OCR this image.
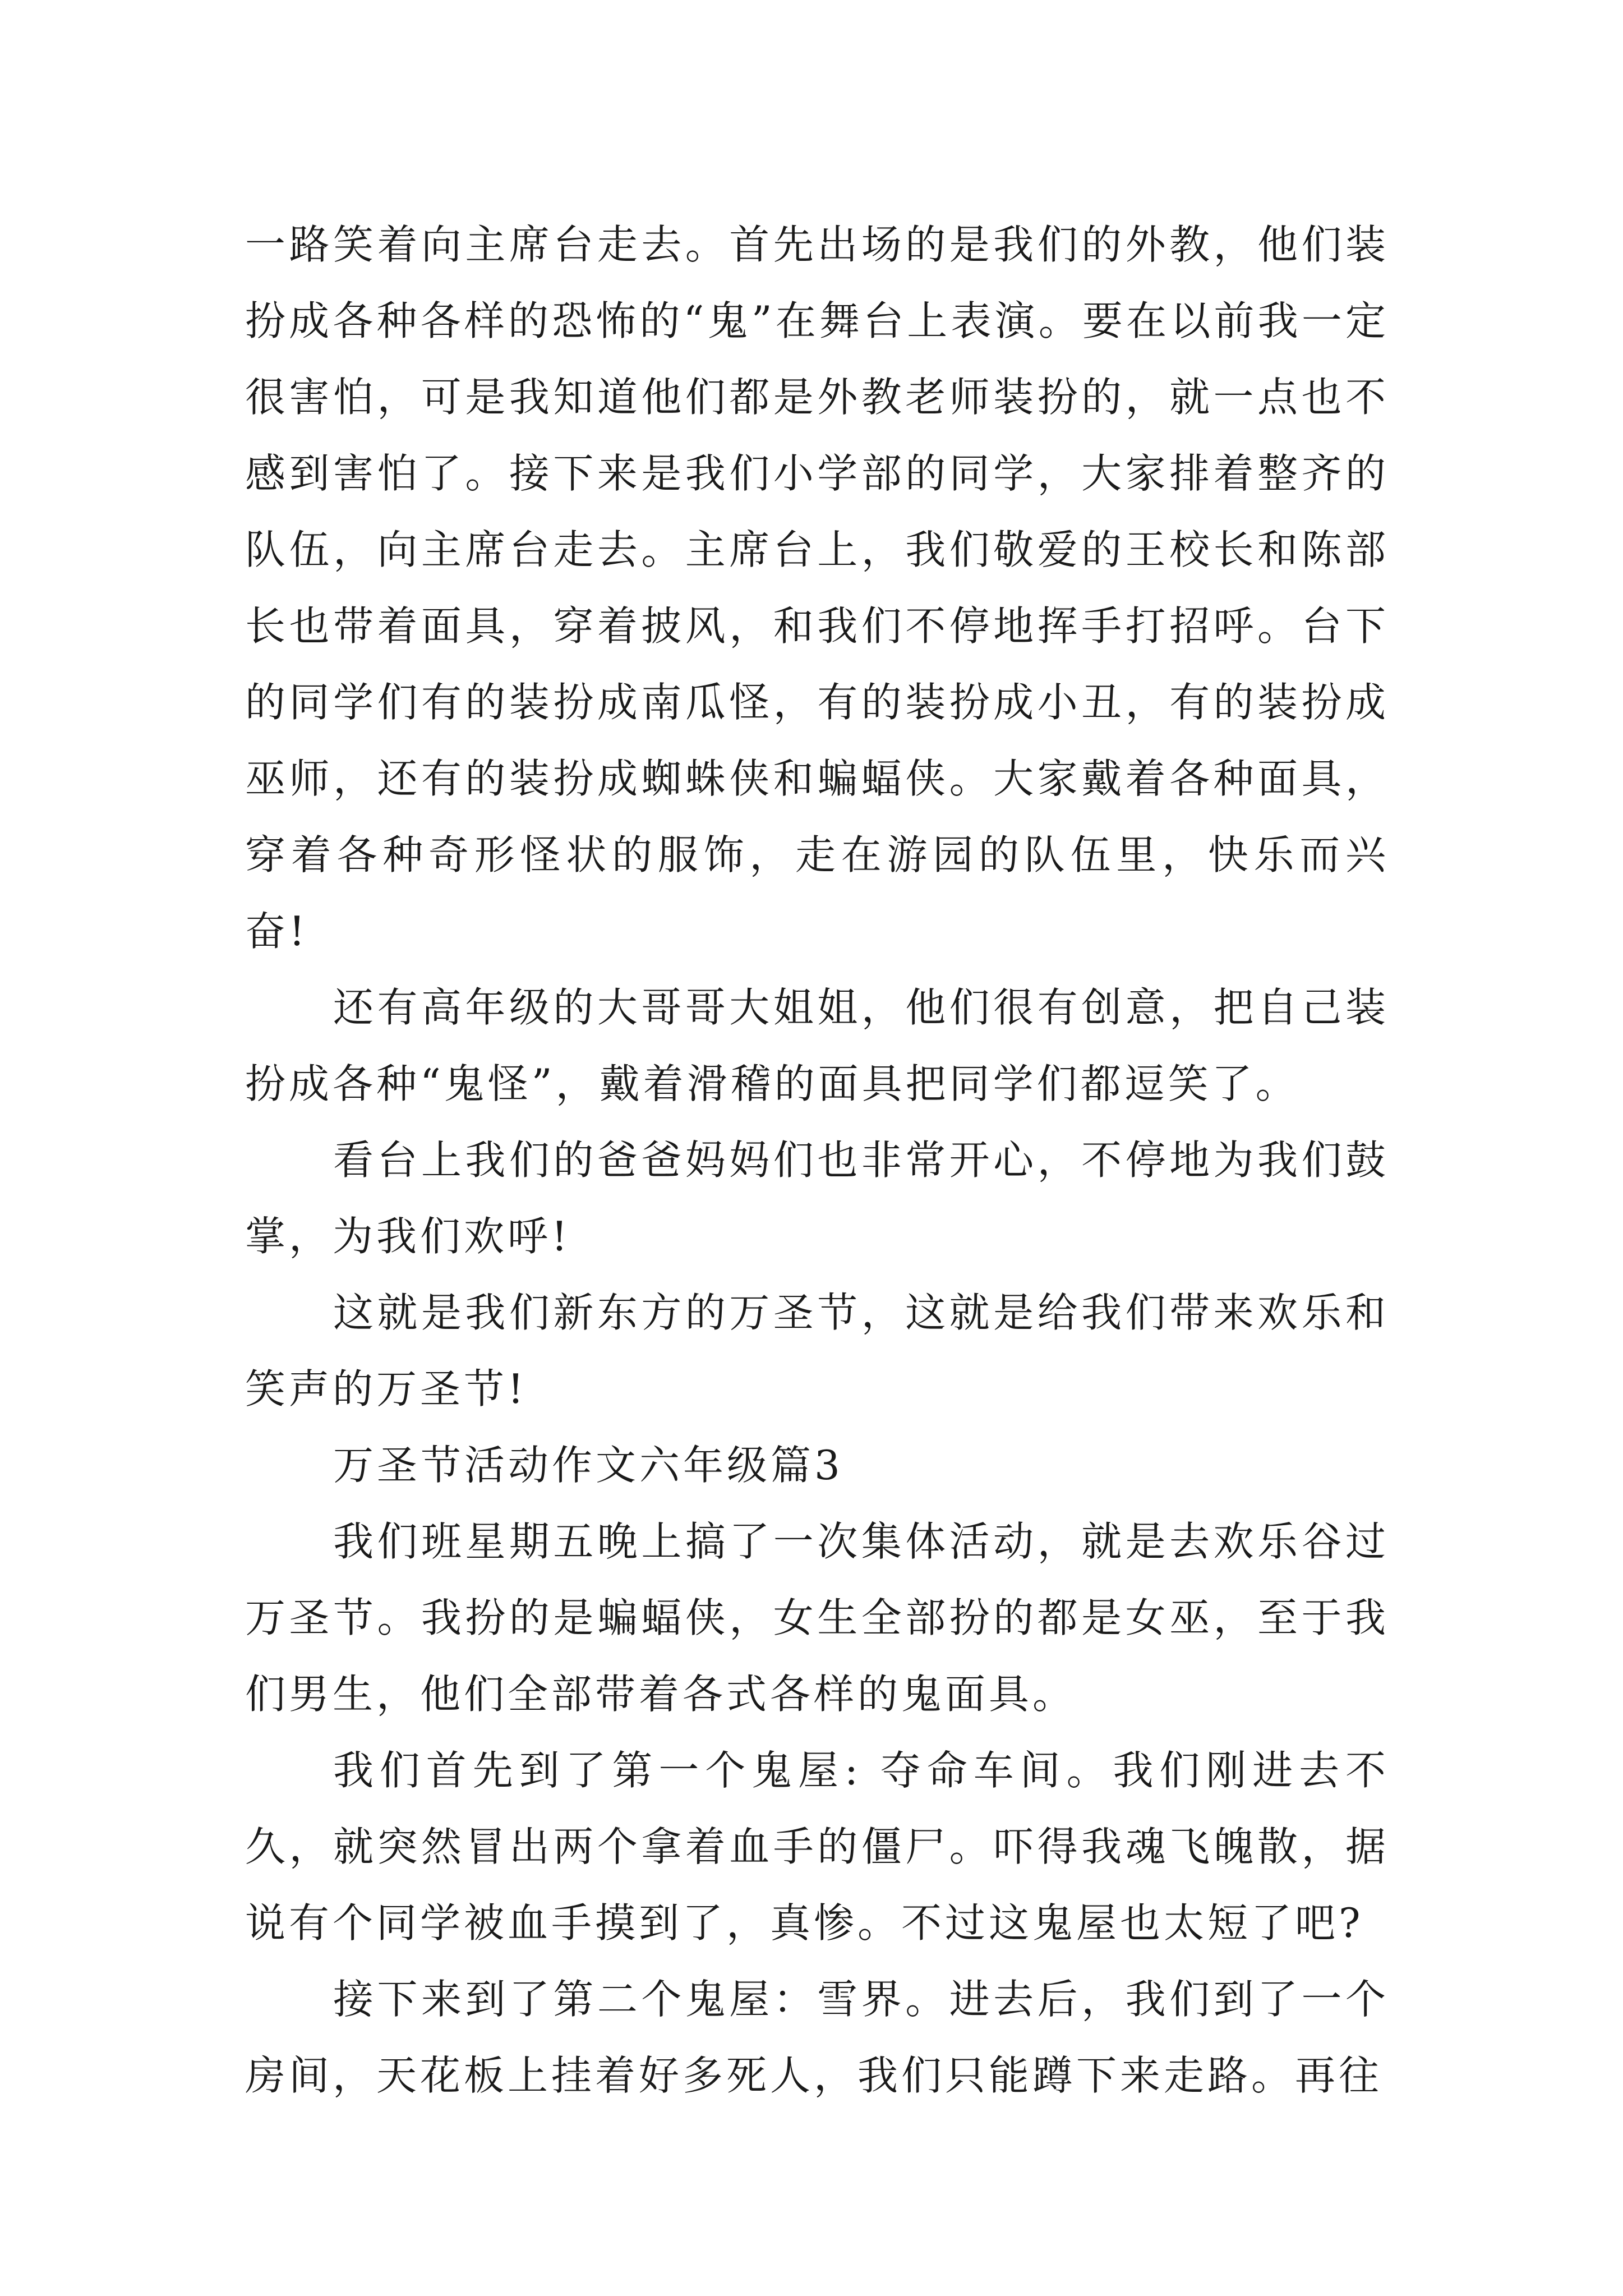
一路笑着向主席台走去。首先出场的是我们的外教，他们装扮成各种各样的恐怖的“鬼”在舞台上表演。要在以前我一定很害怕，可是我知道他们都是外教老师装扮的，就一点也不感到害怕了。接下来是我们小学部的同学，大家排着整齐的队伍，向主席台走去。主席台上，我们敬爱的王校长和陈部长也带着面具，穿着披风，和我们不停地挥手打招呼。台下的同学们有的装扮成南瓜怪，有的装扮成小丑，有的装扮成巫师，还有的装扮成蜘蛛侠和蝙蝠侠。大家戴着各种面具，穿着各种奇形怪状的服饰，走在游园的队伍里，快乐而兴奋!

还有高年级的大哥哥大姐姐，他们很有创意，把自己装扮成各种“鬼怪”，戴着滑稽的面具把同学们都逗笑了。

看台上我们的爸爸妈妈们也非常开心，不停地为我们鼓掌，为我们欢呼!

这就是我们新东方的万圣节，这就是给我们带来欢乐和笑声的万圣节!

万圣节活动作文六年级篇3

我们班星期五晚上搞了一次集体活动，就是去欢乐谷过万圣节。我扮的是蝙蝠侠，女生全部扮的都是女巫，至于我们男生，他们全部带着各式各样的鬼面具。

我们首先到了第一个鬼屋: 夺命车间。我们刚进去不久，就突然冒出两个拿着血手的僵尸。吓得我魂飞魄散，据说有个同学被血手摸到了，真惨。不过这鬼屋也太短了吧?

接下来到了第二个鬼屋：雪界。进去后，我们到了一个房间，天花板上挂着好多死人，我们只能蹲下来走路。再往
